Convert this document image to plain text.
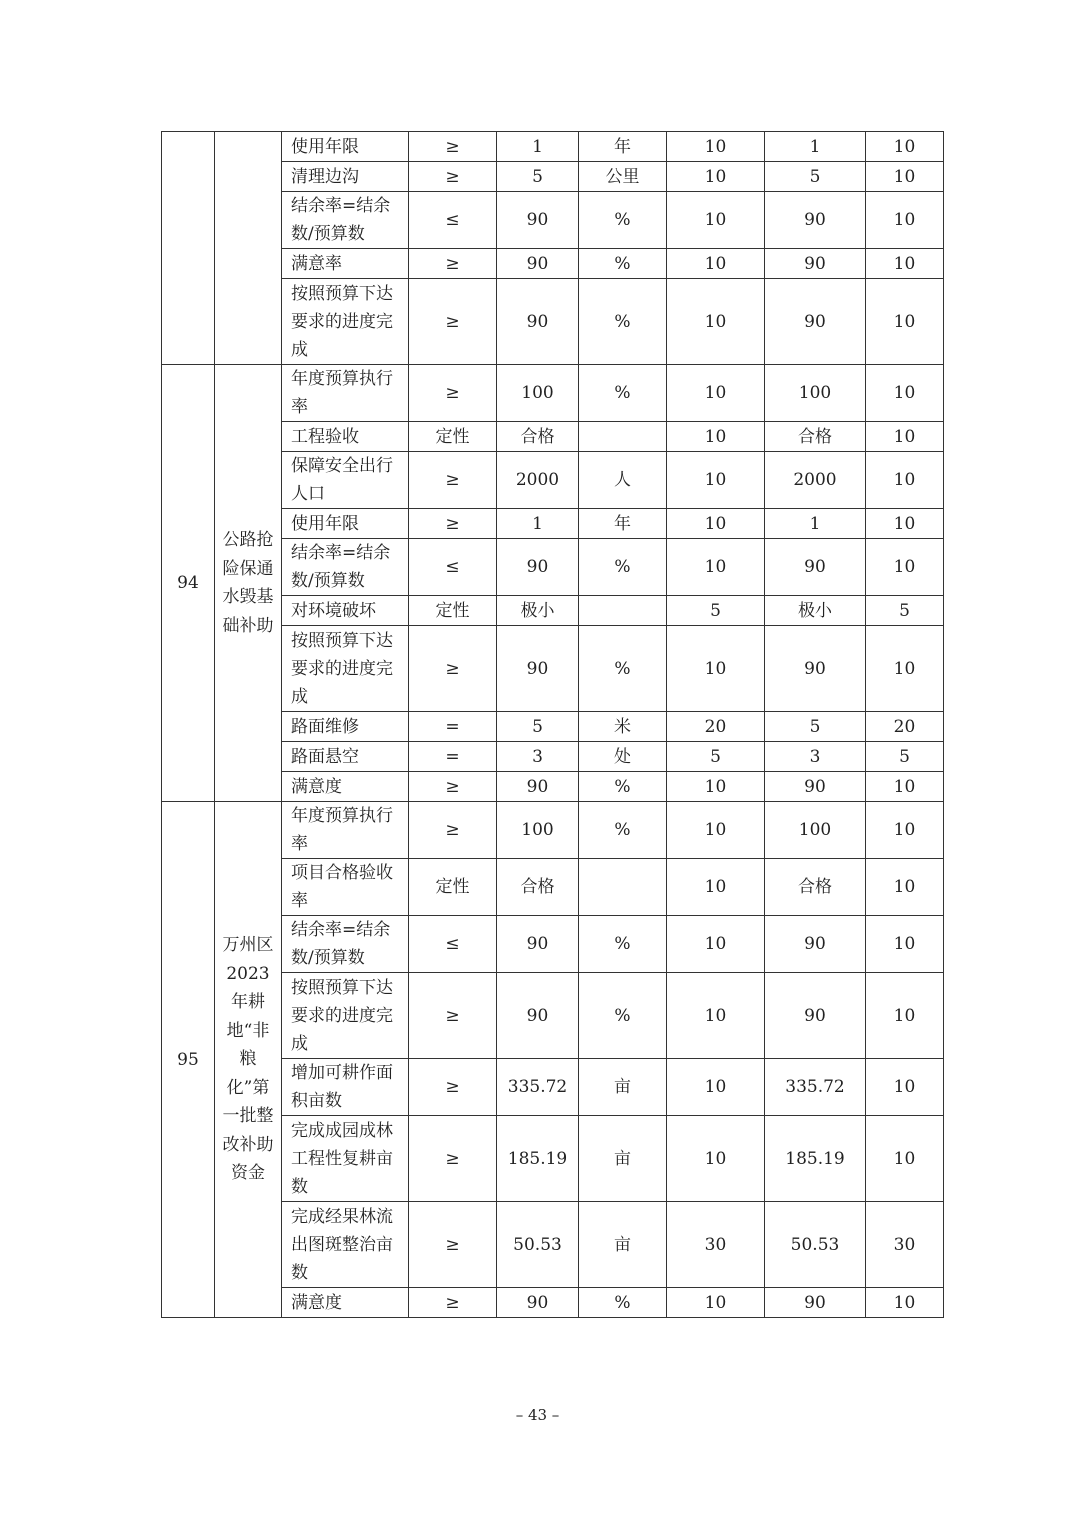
		使用年限	≥	1	年	10	1	10
		清理边沟	≥	5	公里	10	5	10
		结余率=结余数/预算数	≤	90	%	10	90	10
		满意率	≥	90	%	10	90	10
		按照预算下达要求的进度完成	≥	90	%	10	90	10
94	公路抢险保通水毁基础补助	年度预算执行率	≥	100	%	10	100	10
		工程验收	定性	合格		10	合格	10
		保障安全出行人口	≥	2000	人	10	2000	10
		使用年限	≥	1	年	10	1	10
		结余率=结余数/预算数	≤	90	%	10	90	10
		对环境破坏	定性	极小		5	极小	5
		按照预算下达要求的进度完成	≥	90	%	10	90	10
		路面维修	=	5	米	20	5	20
		路面悬空	=	3	处	5	3	5
		满意度	≥	90	%	10	90	10
95	万州区2023年耕地“非粮化”第一批整改补助资金	年度预算执行率	≥	100	%	10	100	10
		项目合格验收率	定性	合格		10	合格	10
		结余率=结余数/预算数	≤	90	%	10	90	10
		按照预算下达要求的进度完成	≥	90	%	10	90	10
		增加可耕作面积亩数	≥	335.72	亩	10	335.72	10
		完成成园成林工程性复耕亩数	≥	185.19	亩	10	185.19	10
		完成经果林流出图斑整治亩数	≥	50.53	亩	30	50.53	30
		满意度	≥	90	%	10	90	10
– 43 –
